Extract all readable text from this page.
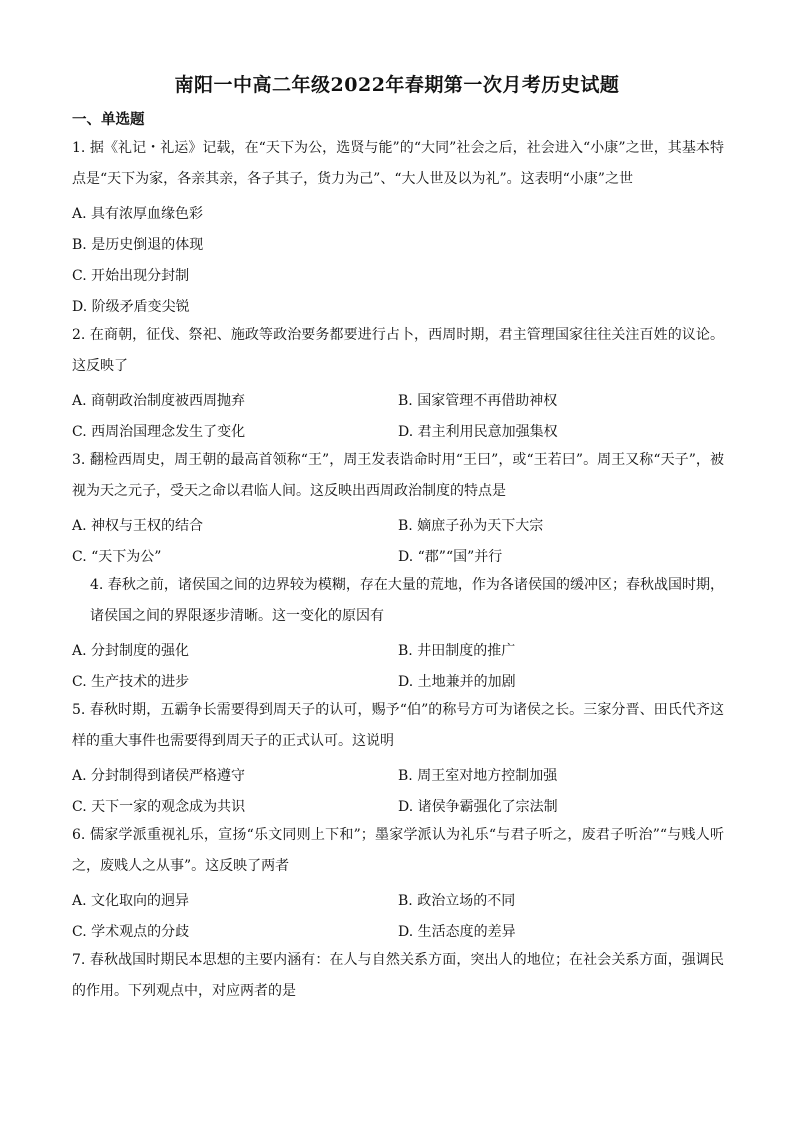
南阳一中高二年级2022年春期第一次月考历史试题
一、单选题
1. 据《礼记・礼运》记载，在“天下为公，选贤与能”的“大同”社会之后，社会进入“小康”之世，其基本特点是“天下为家，各亲其亲，各子其子，货力为己”、“大人世及以为礼”。这表明“小康”之世
A. 具有浓厚血缘色彩
B. 是历史倒退的体现
C. 开始出现分封制
D. 阶级矛盾变尖锐
2. 在商朝，征伐、祭祀、施政等政治要务都要进行占卜，西周时期，君主管理国家往往关注百姓的议论。这反映了
A. 商朝政治制度被西周抛弃	B. 国家管理不再借助神权
C. 西周治国理念发生了变化	D. 君主利用民意加强集权
3. 翻检西周史，周王朝的最高首领称“王”，周王发表诰命时用“王曰”，或“王若曰”。周王又称“天子”，被视为天之元子，受天之命以君临人间。这反映出西周政治制度的特点是
A. 神权与王权的结合	B. 嫡庶子孙为天下大宗
C. “天下为公”	D. “郡”“国”并行
4. 春秋之前，诸侯国之间的边界较为模糊，存在大量的荒地，作为各诸侯国的缓冲区；春秋战国时期，诸侯国之间的界限逐步清晰。这一变化的原因有
A. 分封制度的强化	B. 井田制度的推广
C. 生产技术的进步	D. 土地兼并的加剧
5. 春秋时期，五霸争长需要得到周天子的认可，赐予“伯”的称号方可为诸侯之长。三家分晋、田氏代齐这样的重大事件也需要得到周天子的正式认可。这说明
A. 分封制得到诸侯严格遵守	B. 周王室对地方控制加强
C. 天下一家的观念成为共识	D. 诸侯争霸强化了宗法制
6. 儒家学派重视礼乐，宣扬“乐文同则上下和”；墨家学派认为礼乐“与君子听之，废君子听治”“与贱人听之，废贱人之从事”。这反映了两者
A. 文化取向的迥异	B. 政治立场的不同
C. 学术观点的分歧	D. 生活态度的差异
7. 春秋战国时期民本思想的主要内涵有：在人与自然关系方面，突出人的地位；在社会关系方面，强调民的作用。下列观点中，对应两者的是
